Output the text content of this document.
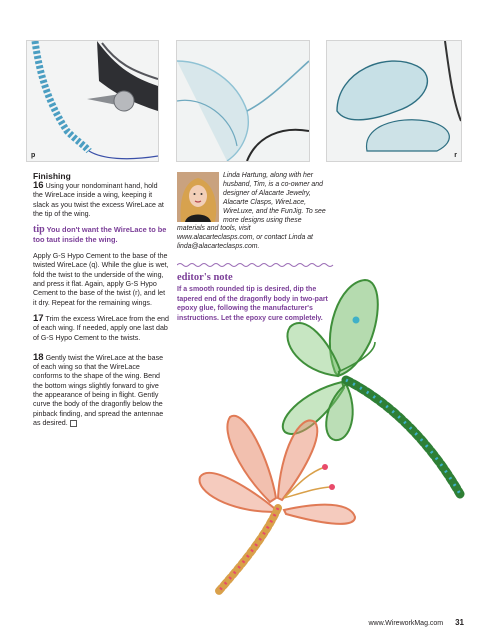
p	r
Finishing

16 Using your nondominant hand, hold the WireLace inside a wing, keeping it slack as you twist the excess WireLace at the tip of the wing.

tip You don't want the WireLace to be too taut inside the wing.

Apply G-S Hypo Cement to the base of the twisted WireLace (q). While the glue is wet, fold the twist to the underside of the wing, and press it flat. Again, apply G-S Hypo Cement to the base of the twist (r), and let it dry. Repeat for the remaining wings.

17 Trim the excess WireLace from the end of each wing. If needed, apply one last dab of G-S Hypo Cement to the twists.

18 Gently twist the WireLace at the base of each wing so that the WireLace conforms to the shape of the wing. Bend the bottom wings slightly forward to give the appearance of being in flight. Gently curve the body of the dragonfly below the pinback finding, and spread the antennae as desired.

Linda Hartung, along with her husband, Tim, is a co-owner and designer of Alacarte Jewelry, Alacarte Clasps, WireLace, WireLuxe, and the FunJig. To see more designs using these materials and tools, visit www.alacarteclasps.com, or contact Linda at linda@alacarteclasps.com.
editor's note
If a smooth rounded tip is desired, dip the tapered end of the dragonfly body in two-part epoxy glue, following the manufacturer's instructions. Let the epoxy cure completely.
www.WireworkMag.com 31
